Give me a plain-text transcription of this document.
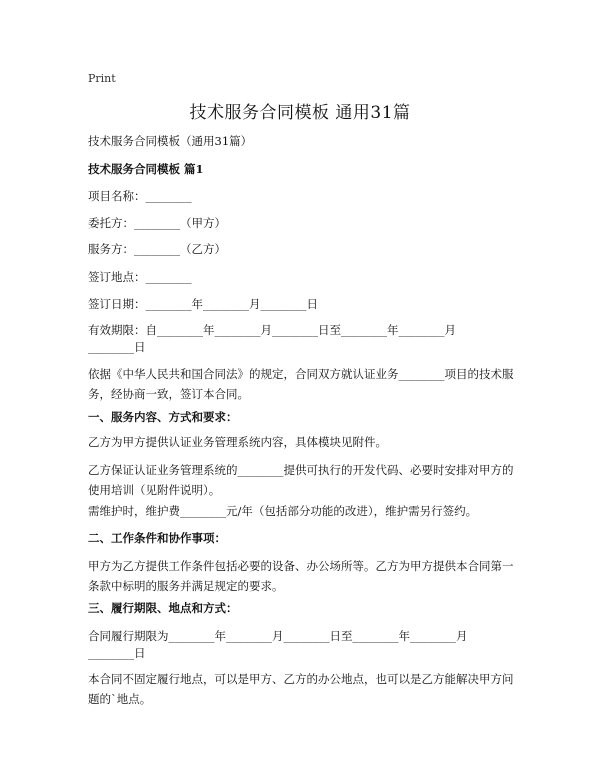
Print
技术服务合同模板 通用31篇
技术服务合同模板（通用31篇）
技术服务合同模板 篇1
项目名称：________
委托方：________（甲方）
服务方：________（乙方）
签订地点：________
签订日期：________年________月________日
有效期限：自________年________月________日至________年________月
________日
依据《中华人民共和国合同法》的规定，合同双方就认证业务________项目的技术服务，经协商一致，签订本合同。
一、服务内容、方式和要求：
乙方为甲方提供认证业务管理系统内容，具体模块见附件。
乙方保证认证业务管理系统的________提供可执行的开发代码、必要时安排对甲方的使用培训（见附件说明）。
需维护时，维护费________元/年（包括部分功能的改进），维护需另行签约。
二、工作条件和协作事项：
甲方为乙方提供工作条件包括必要的设备、办公场所等。乙方为甲方提供本合同第一条款中标明的服务并满足规定的要求。
三、履行期限、地点和方式：
合同履行期限为________年________月________日至________年________月
________日
本合同不固定履行地点，可以是甲方、乙方的办公地点，也可以是乙方能解决甲方问题的`地点。
